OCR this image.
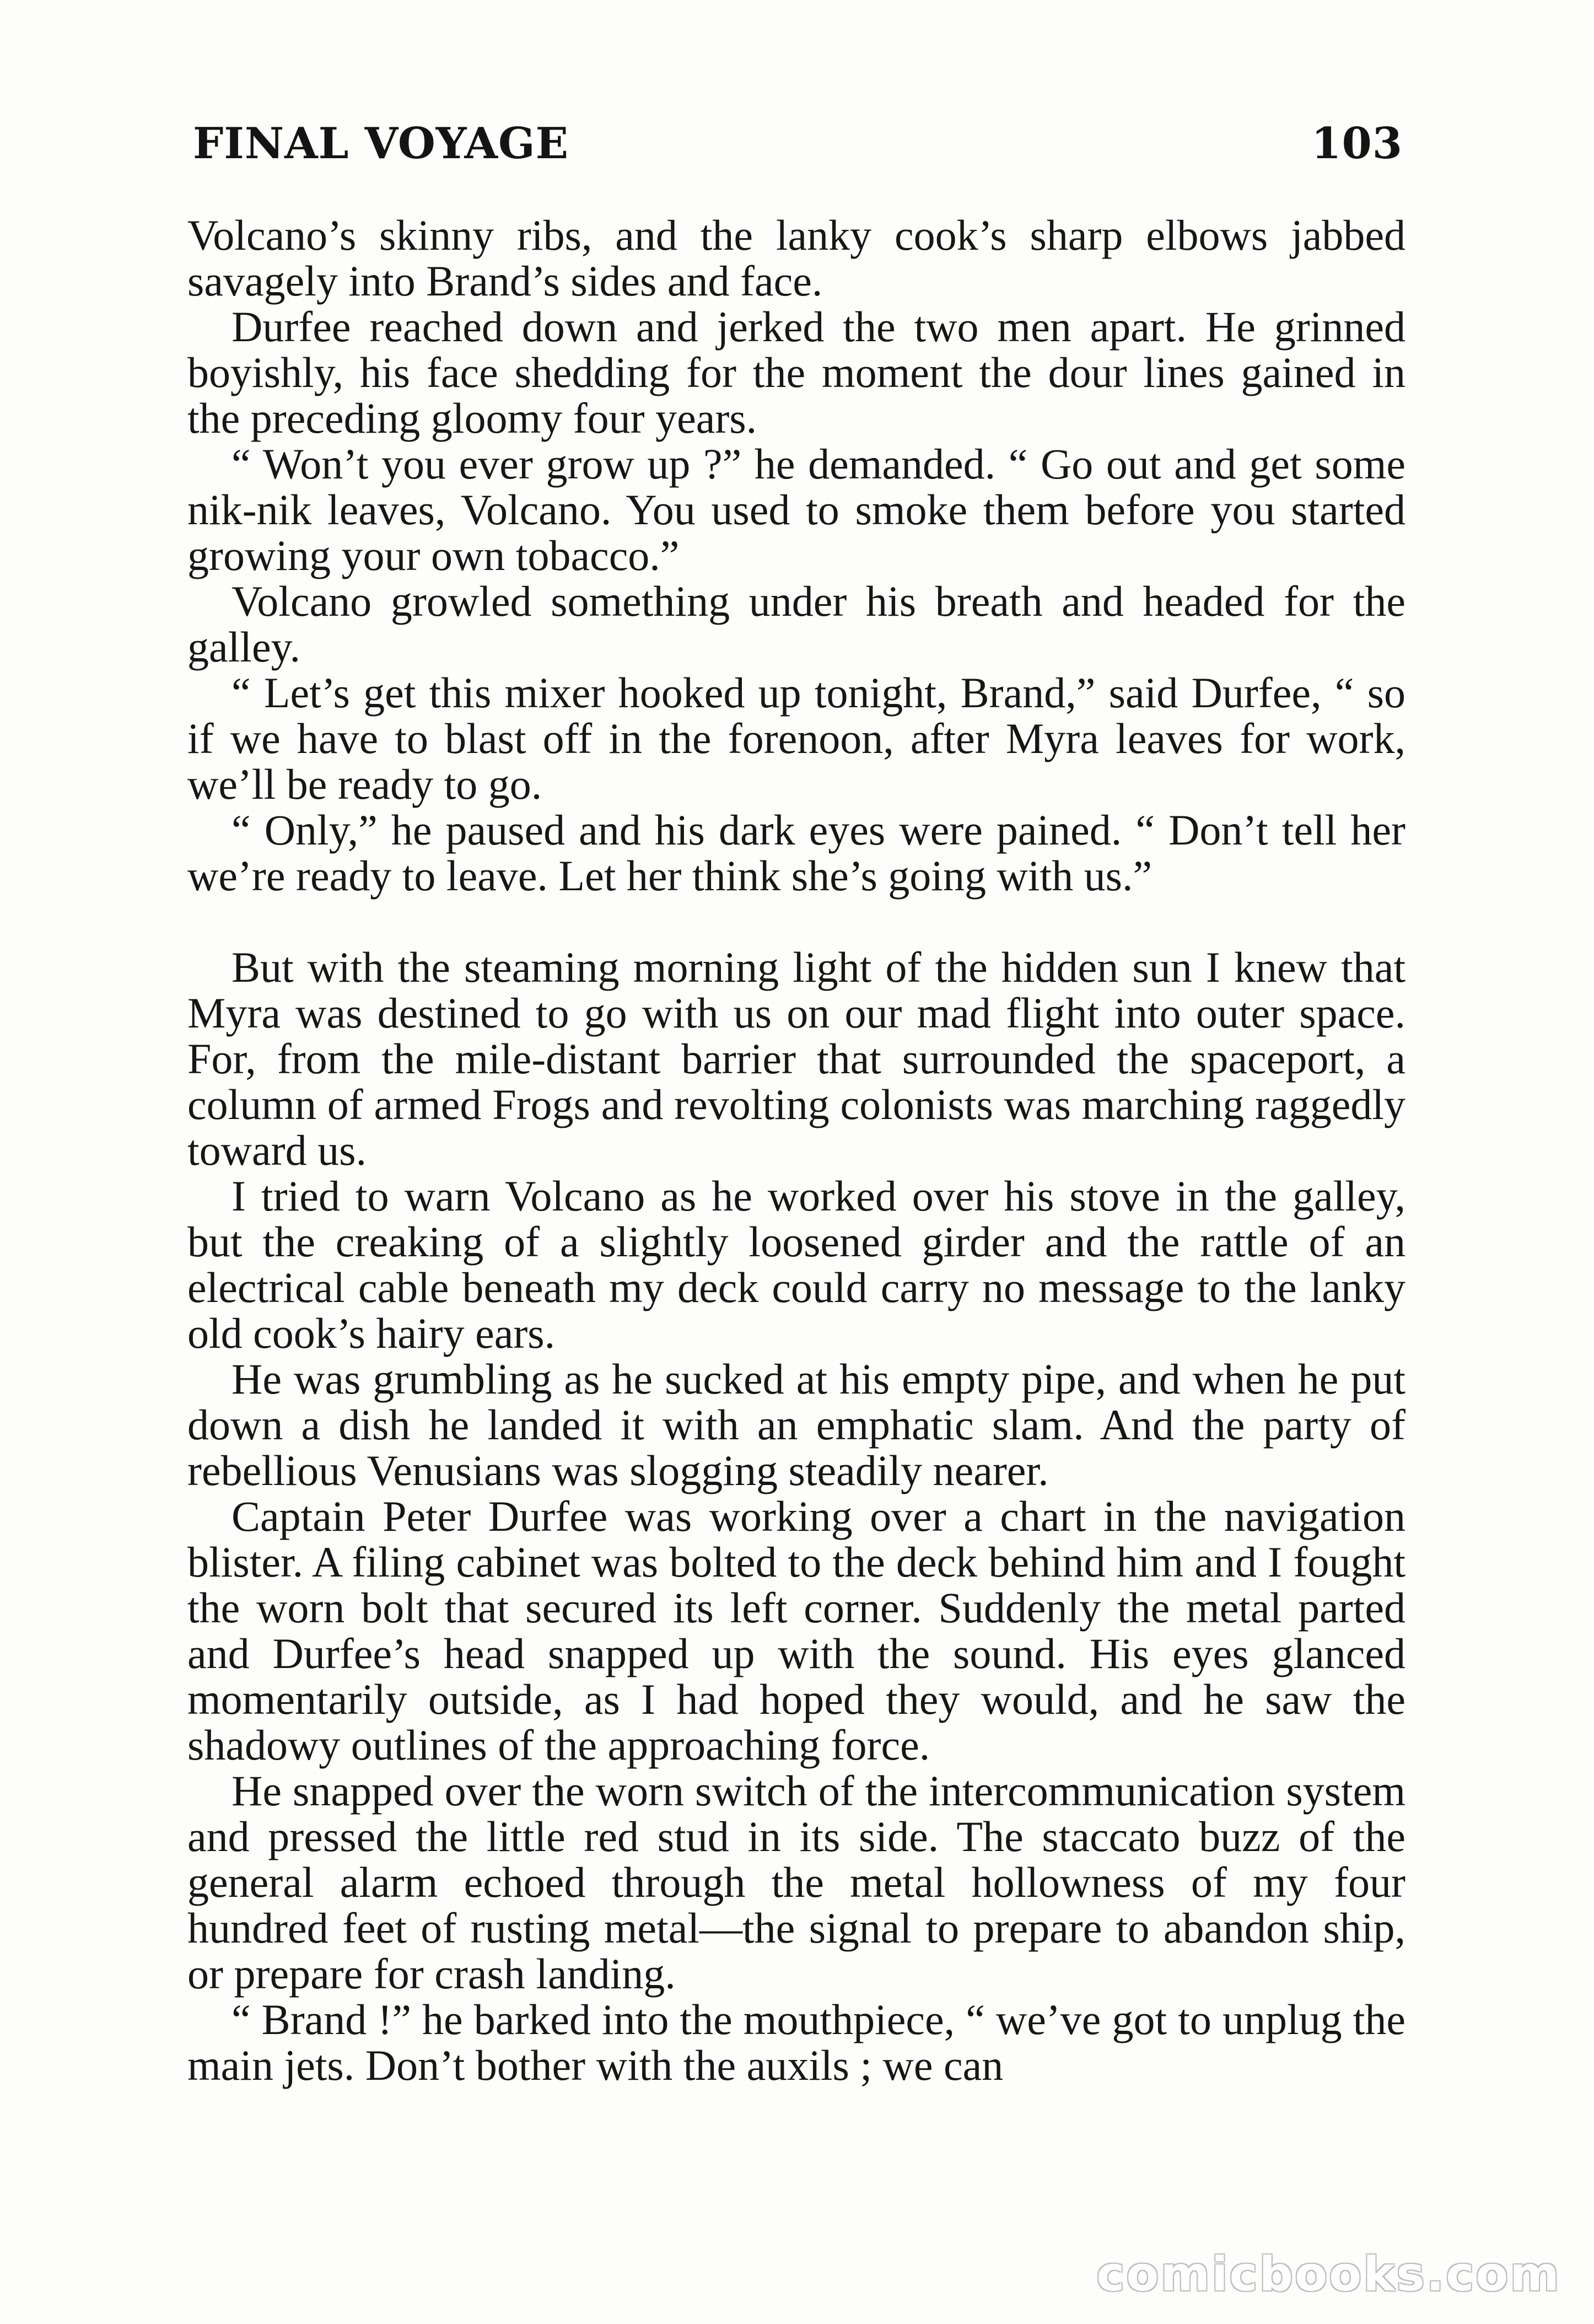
FINAL VOYAGE	103

Volcano’s skinny ribs, and the lanky cook’s sharp elbows jabbed savagely into Brand’s sides and face.

Durfee reached down and jerked the two men apart. He grinned boyishly, his face shedding for the moment the dour lines gained in the preceding gloomy four years.

“ Won’t you ever grow up ?” he demanded. “ Go out and get some nik-nik leaves, Volcano. You used to smoke them before you started growing your own tobacco.”

Volcano growled something under his breath and headed for the galley.

“ Let’s get this mixer hooked up tonight, Brand,” said Durfee, “ so if we have to blast off in the forenoon, after Myra leaves for work, we’ll be ready to go.

“ Only,” he paused and his dark eyes were pained. “ Don’t tell her we’re ready to leave. Let her think she’s going with us.”

But with the steaming morning light of the hidden sun I knew that Myra was destined to go with us on our mad flight into outer space. For, from the mile-distant barrier that surrounded the spaceport, a column of armed Frogs and revolting colonists was marching raggedly toward us.

I tried to warn Volcano as he worked over his stove in the galley, but the creaking of a slightly loosened girder and the rattle of an electrical cable beneath my deck could carry no message to the lanky old cook’s hairy ears.

He was grumbling as he sucked at his empty pipe, and when he put down a dish he landed it with an emphatic slam. And the party of rebellious Venusians was slogging steadily nearer.

Captain Peter Durfee was working over a chart in the navigation blister. A filing cabinet was bolted to the deck behind him and I fought the worn bolt that secured its left corner. Suddenly the metal parted and Durfee’s head snapped up with the sound. His eyes glanced momentarily outside, as I had hoped they would, and he saw the shadowy outlines of the approaching force.

He snapped over the worn switch of the intercommunication system and pressed the little red stud in its side. The staccato buzz of the general alarm echoed through the metal hollowness of my four hundred feet of rusting metal—the signal to prepare to abandon ship, or prepare for crash landing.

“ Brand !” he barked into the mouthpiece, “ we’ve got to unplug the main jets. Don’t bother with the auxils ; we can

comicbooks.com
